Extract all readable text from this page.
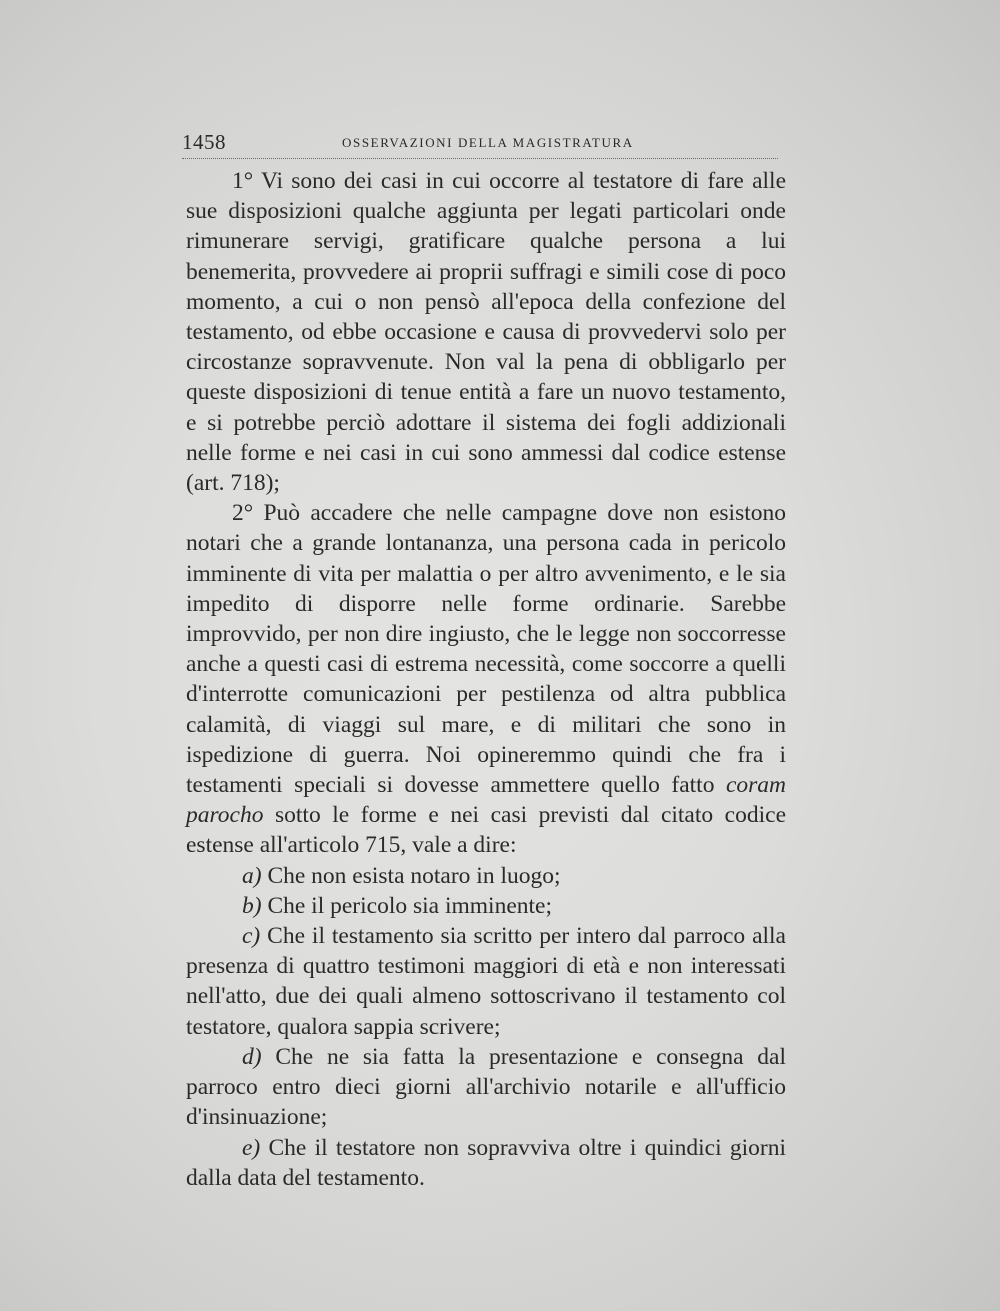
1458	OSSERVAZIONI DELLA MAGISTRATURA

1° Vi sono dei casi in cui occorre al testatore di fare alle sue disposizioni qualche aggiunta per legati particolari onde rimunerare servigi, gratificare qualche persona a lui benemerita, provvedere ai proprii suffragi e simili cose di poco momento, a cui o non pensò all'epoca della confezione del testamento, od ebbe occasione e causa di provvedervi solo per circostanze sopravvenute. Non val la pena di obbligarlo per queste disposizioni di tenue entità a fare un nuovo testamento, e si potrebbe perciò adottare il sistema dei fogli addizionali nelle forme e nei casi in cui sono ammessi dal codice estense (art. 718);

2° Può accadere che nelle campagne dove non esistono notari che a grande lontananza, una persona cada in pericolo imminente di vita per malattia o per altro avvenimento, e le sia impedito di disporre nelle forme ordinarie. Sarebbe improvvido, per non dire ingiusto, che le legge non soccorresse anche a questi casi di estrema necessità, come soccorre a quelli d'interrotte comunicazioni per pestilenza od altra pubblica calamità, di viaggi sul mare, e di militari che sono in ispedizione di guerra. Noi opineremmo quindi che fra i testamenti speciali si dovesse ammettere quello fatto coram parocho sotto le forme e nei casi previsti dal citato codice estense all'articolo 715, vale a dire:

a) Che non esista notaro in luogo;

b) Che il pericolo sia imminente;

c) Che il testamento sia scritto per intero dal parroco alla presenza di quattro testimoni maggiori di età e non interessati nell'atto, due dei quali almeno sottoscrivano il testamento col testatore, qualora sappia scrivere;

d) Che ne sia fatta la presentazione e consegna dal parroco entro dieci giorni all'archivio notarile e all'ufficio d'insinuazione;

e) Che il testatore non sopravviva oltre i quindici giorni dalla data del testamento.
